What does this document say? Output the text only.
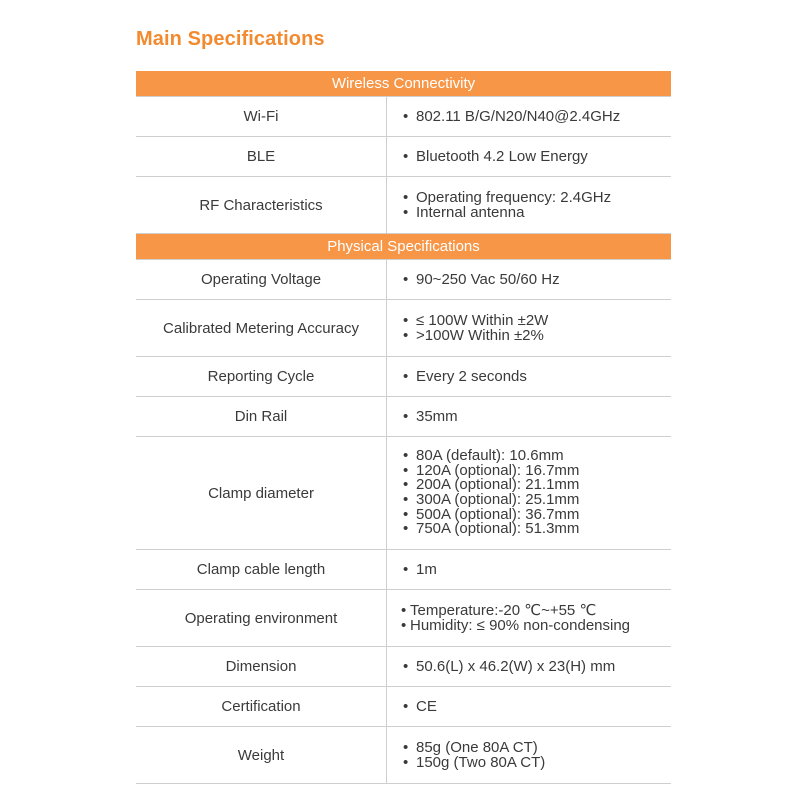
Main Specifications
Wireless Connectivity
Wi-Fi	• 802.11 B/G/N20/N40@2.4GHz
BLE	• Bluetooth 4.2 Low Energy
RF Characteristics	• Operating frequency: 2.4GHz
• Internal antenna
Physical Specifications
Operating Voltage	• 90~250 Vac 50/60 Hz
Calibrated Metering Accuracy	• ≤ 100W Within ±2W
• >100W Within ±2%
Reporting Cycle	• Every 2 seconds
Din Rail	• 35mm
Clamp diameter
• 80A (default): 10.6mm
• 120A (optional): 16.7mm
• 200A (optional): 21.1mm
• 300A (optional): 25.1mm
• 500A (optional): 36.7mm
• 750A (optional): 51.3mm
Clamp cable length	• 1m
Operating environment	• Temperature:-20 ℃~+55 ℃
• Humidity: ≤ 90% non-condensing
Dimension	• 50.6(L) x 46.2(W) x 23(H) mm
Certification	• CE
Weight	• 85g (One 80A CT)
• 150g (Two 80A CT)
